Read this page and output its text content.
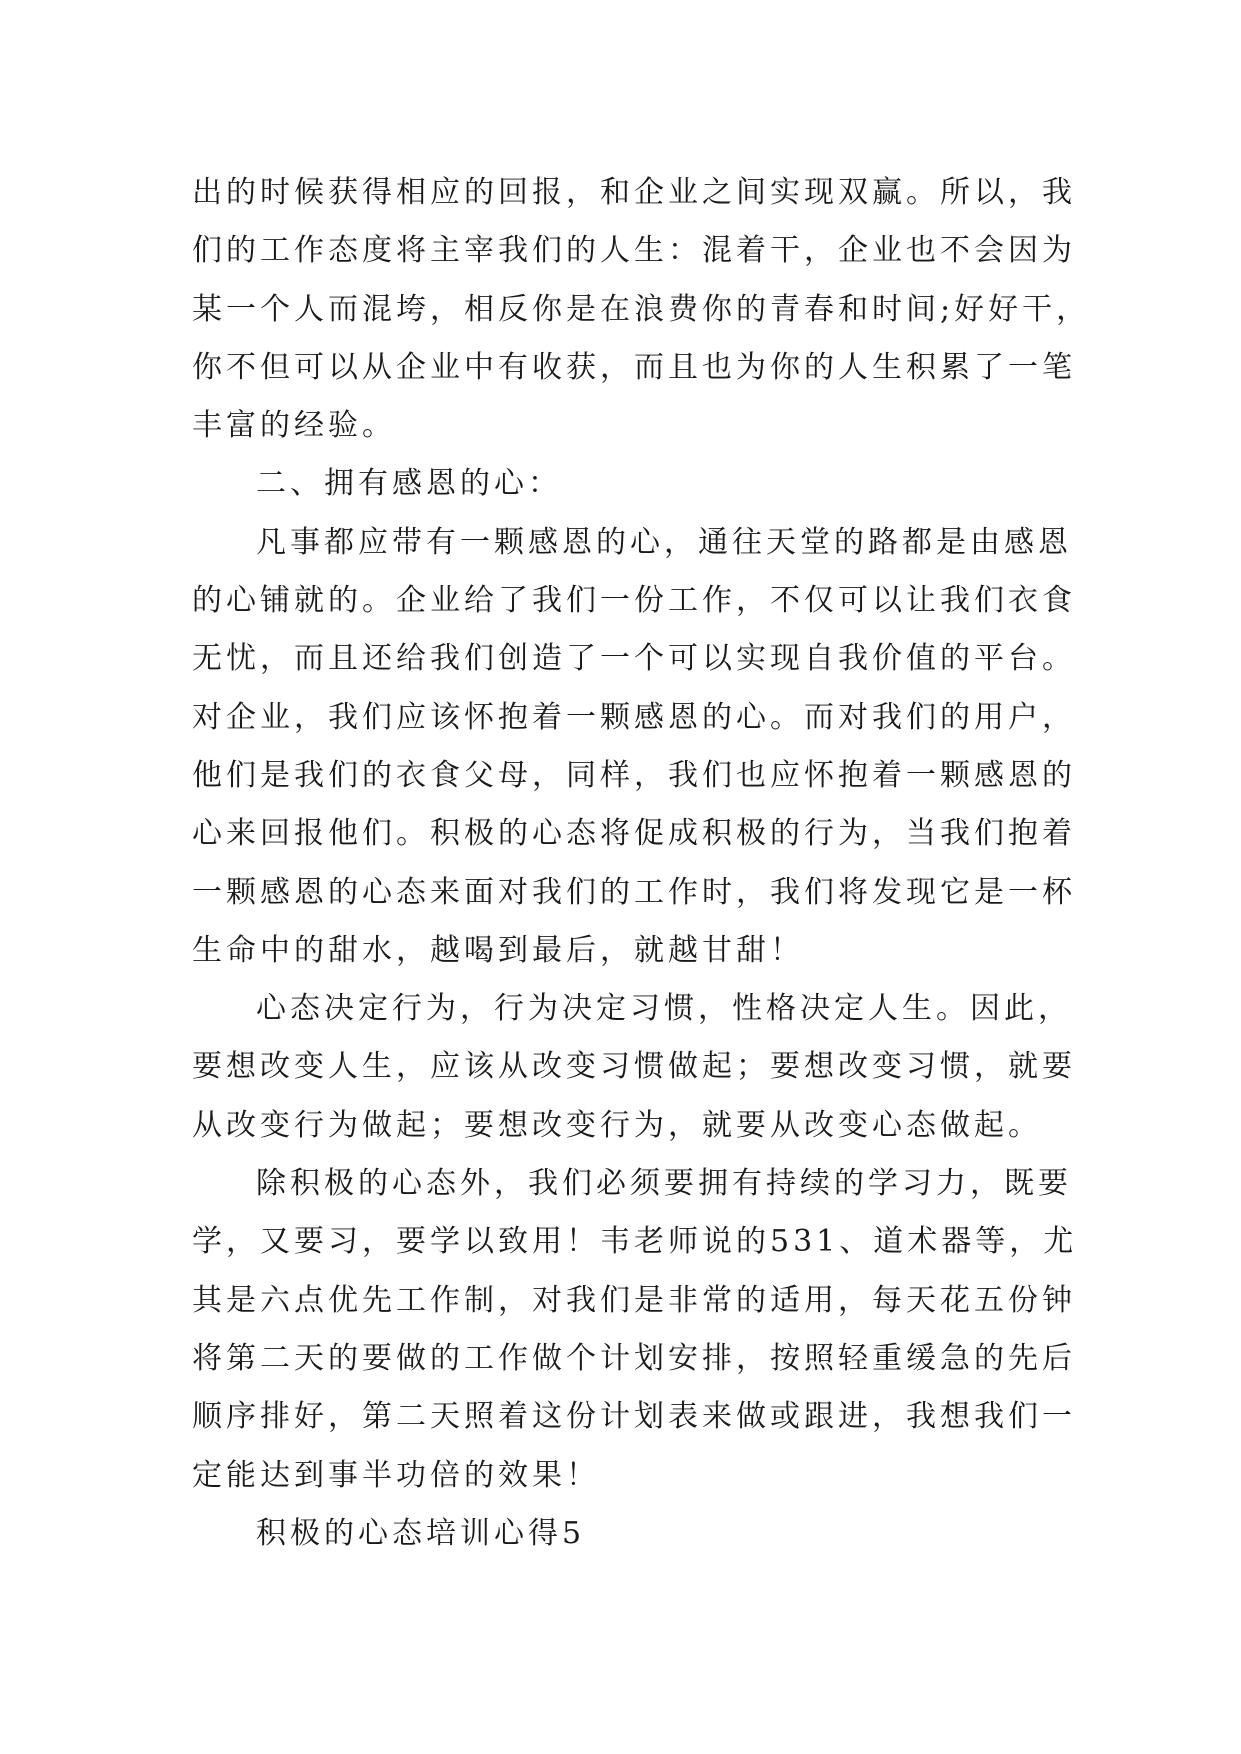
出的时候获得相应的回报，和企业之间实现双赢。所以，我
们的工作态度将主宰我们的人生：混着干，企业也不会因为
某一个人而混垮，相反你是在浪费你的青春和时间;好好干，
你不但可以从企业中有收获，而且也为你的人生积累了一笔
丰富的经验。
二、拥有感恩的心：
凡事都应带有一颗感恩的心，通往天堂的路都是由感恩
的心铺就的。企业给了我们一份工作，不仅可以让我们衣食
无忧，而且还给我们创造了一个可以实现自我价值的平台。
对企业，我们应该怀抱着一颗感恩的心。而对我们的用户，
他们是我们的衣食父母，同样，我们也应怀抱着一颗感恩的
心来回报他们。积极的心态将促成积极的行为，当我们抱着
一颗感恩的心态来面对我们的工作时，我们将发现它是一杯
生命中的甜水，越喝到最后，就越甘甜！
心态决定行为，行为决定习惯，性格决定人生。因此，
要想改变人生，应该从改变习惯做起；要想改变习惯，就要
从改变行为做起；要想改变行为，就要从改变心态做起。
除积极的心态外，我们必须要拥有持续的学习力，既要
学，又要习，要学以致用！韦老师说的531、道术器等，尤
其是六点优先工作制，对我们是非常的适用，每天花五份钟
将第二天的要做的工作做个计划安排，按照轻重缓急的先后
顺序排好，第二天照着这份计划表来做或跟进，我想我们一
定能达到事半功倍的效果！
积极的心态培训心得5
